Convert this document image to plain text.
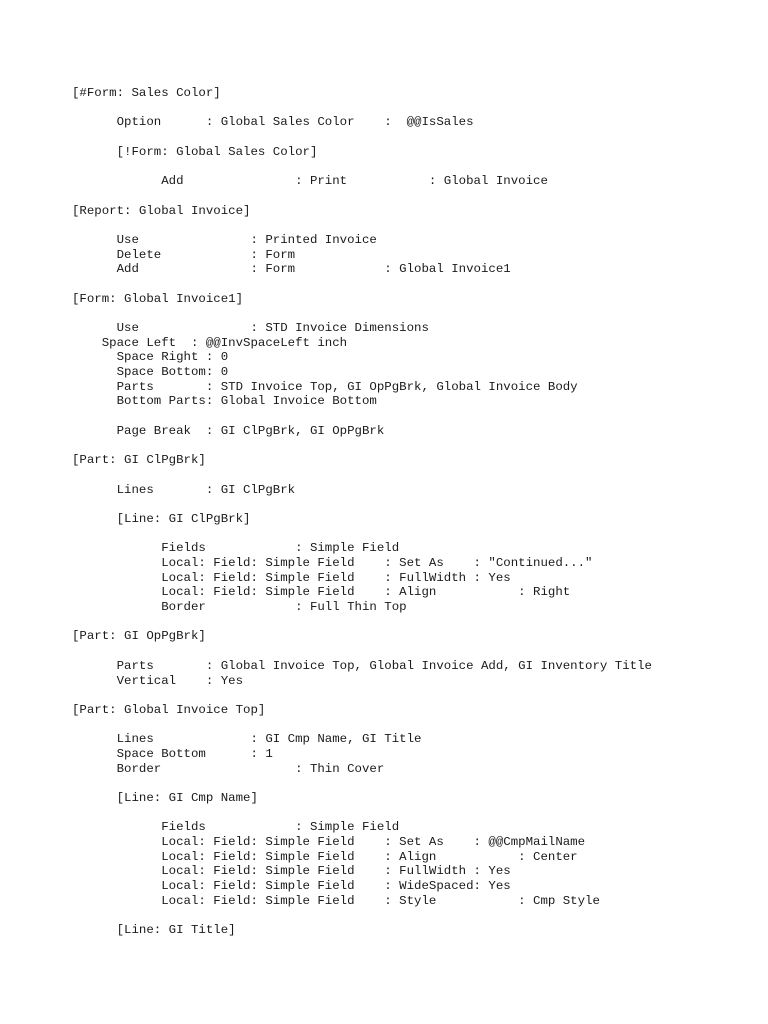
[#Form: Sales Color]
Option      : Global Sales Color    :  @@IsSales
[!Form: Global Sales Color]
Add               : Print           : Global Invoice
[Report: Global Invoice]
Use               : Printed Invoice
Delete            : Form
Add               : Form            : Global Invoice1
[Form: Global Invoice1]
Use               : STD Invoice Dimensions
Space Left  : @@InvSpaceLeft inch
Space Right : 0
Space Bottom: 0
Parts       : STD Invoice Top, GI OpPgBrk, Global Invoice Body
Bottom Parts: Global Invoice Bottom
Page Break  : GI ClPgBrk, GI OpPgBrk
[Part: GI ClPgBrk]
Lines       : GI ClPgBrk
[Line: GI ClPgBrk]
Fields            : Simple Field
Local: Field: Simple Field    : Set As    : "Continued..."
Local: Field: Simple Field    : FullWidth : Yes
Local: Field: Simple Field    : Align           : Right
Border            : Full Thin Top
[Part: GI OpPgBrk]
Parts       : Global Invoice Top, Global Invoice Add, GI Inventory Title
Vertical    : Yes
[Part: Global Invoice Top]
Lines             : GI Cmp Name, GI Title
Space Bottom      : 1
Border                  : Thin Cover
[Line: GI Cmp Name]
Fields            : Simple Field
Local: Field: Simple Field    : Set As    : @@CmpMailName
Local: Field: Simple Field    : Align           : Center
Local: Field: Simple Field    : FullWidth : Yes
Local: Field: Simple Field    : WideSpaced: Yes
Local: Field: Simple Field    : Style           : Cmp Style
[Line: GI Title]
